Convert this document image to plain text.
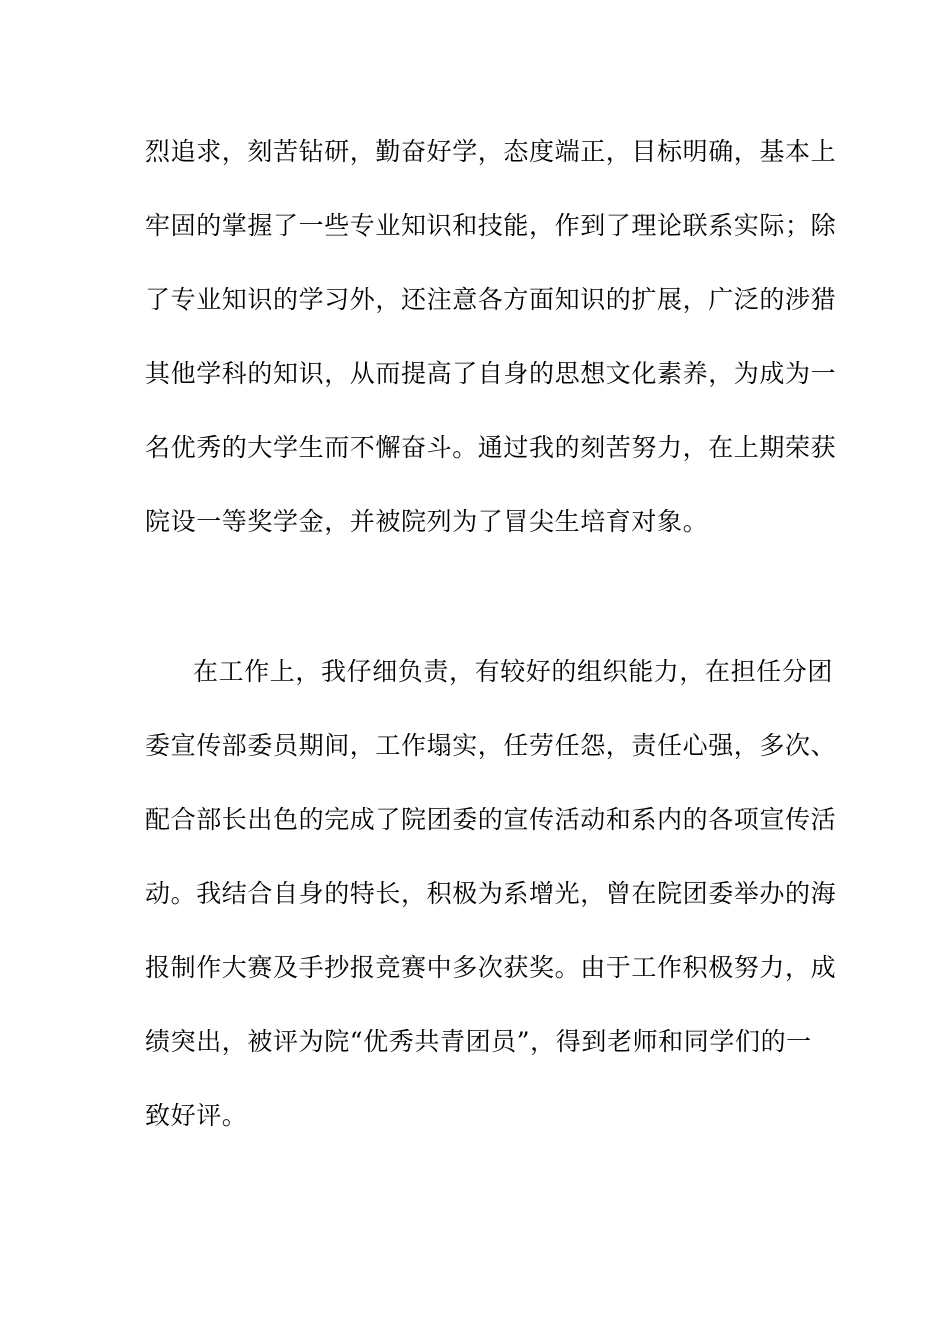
烈追求，刻苦钻研，勤奋好学，态度端正，目标明确，基本上
牢固的掌握了一些专业知识和技能，作到了理论联系实际；除
了专业知识的学习外，还注意各方面知识的扩展，广泛的涉猎
其他学科的知识，从而提高了自身的思想文化素养，为成为一
名优秀的大学生而不懈奋斗。通过我的刻苦努力，在上期荣获
院设一等奖学金，并被院列为了冒尖生培育对象。
在工作上，我仔细负责，有较好的组织能力，在担任分团
委宣传部委员期间，工作塌实，任劳任怨，责任心强，多次、
配合部长出色的完成了院团委的宣传活动和系内的各项宣传活
动。我结合自身的特长，积极为系增光，曾在院团委举办的海
报制作大赛及手抄报竞赛中多次获奖。由于工作积极努力，成
绩突出，被评为院“优秀共青团员”，得到老师和同学们的一
致好评。
